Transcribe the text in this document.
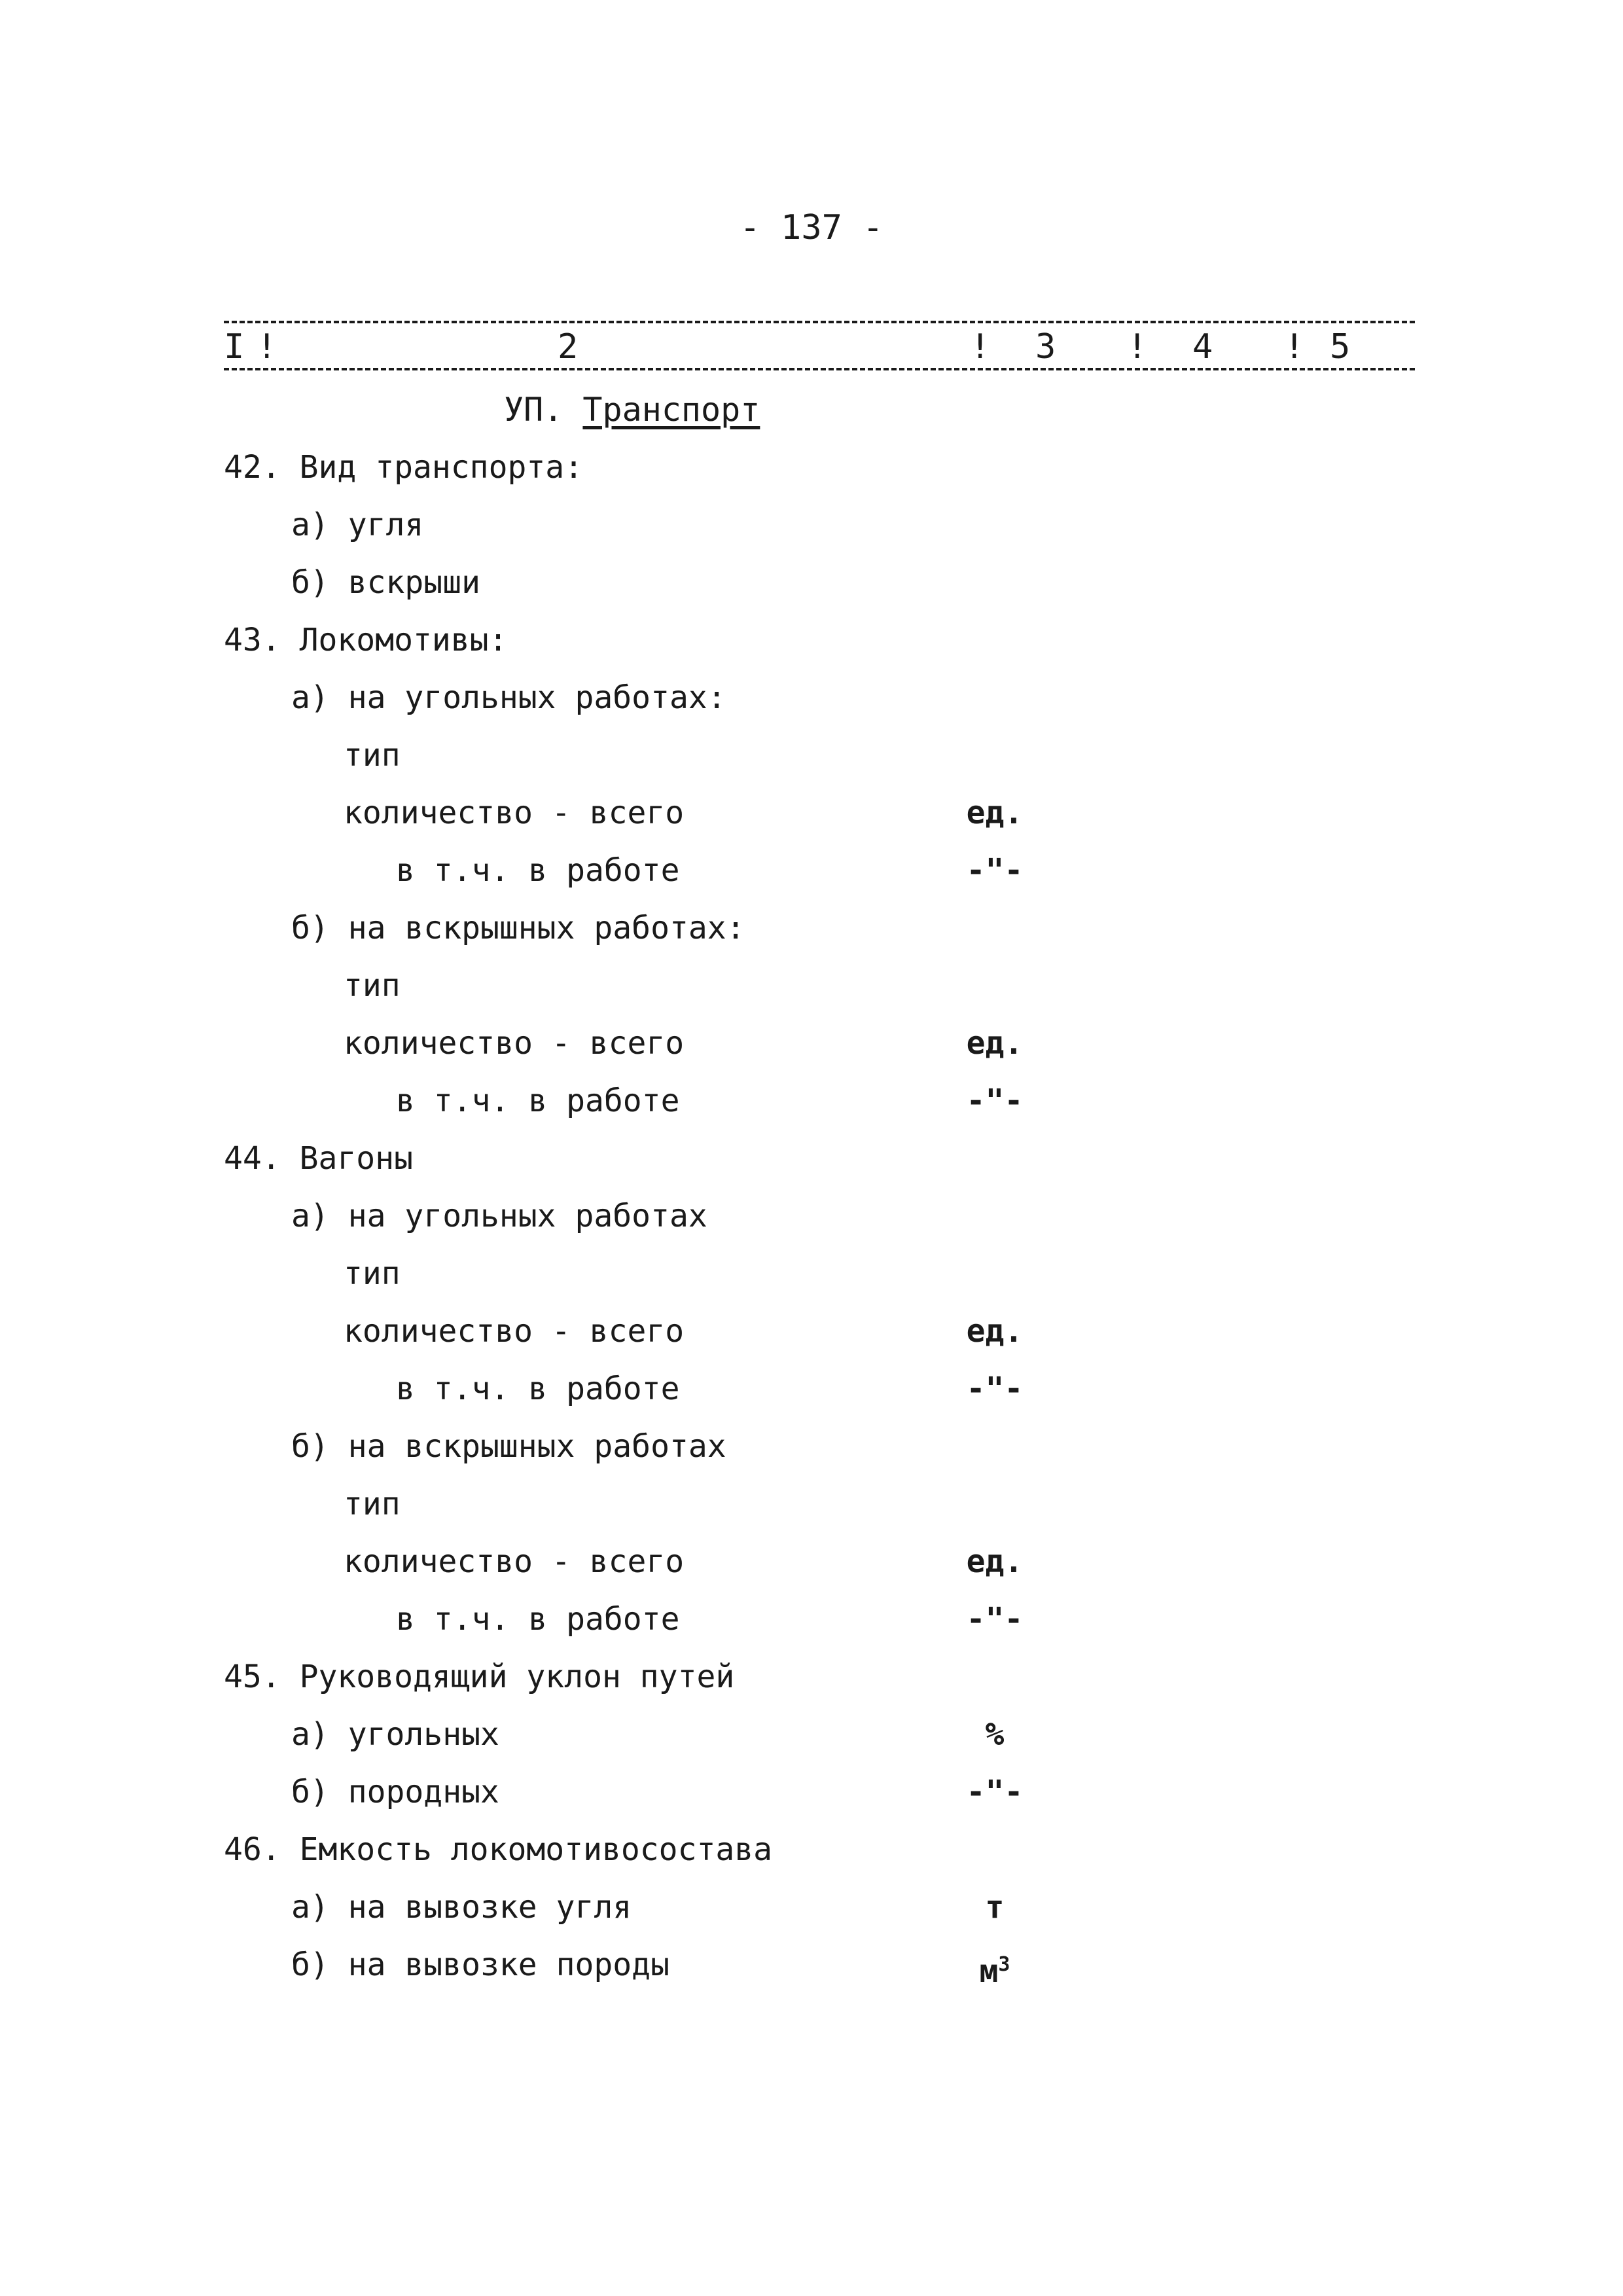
- 137 -
I !	2	! 3 ! 4 ! 5
УП. Транспорт
42. Вид транспорта:
а) угля
б) вскрыши
43. Локомотивы:
а) на угольных работах:
тип
количество - всего	ед.
в т.ч. в работе	-"-
б) на вскрышных работах:
тип
количество - всего	ед.
в т.ч. в работе	-"-
44. Вагоны
а) на угольных работах
тип
количество - всего	ед.
в т.ч. в работе	-"-
б) на вскрышных работах
тип
количество - всего	ед.
в т.ч. в работе	-"-
45. Руководящий уклон путей
а) угольных	%
б) породных	-"-
46. Емкость локомотивосостава
а) на вывозке угля	т
б) на вывозке породы	$м^3$
